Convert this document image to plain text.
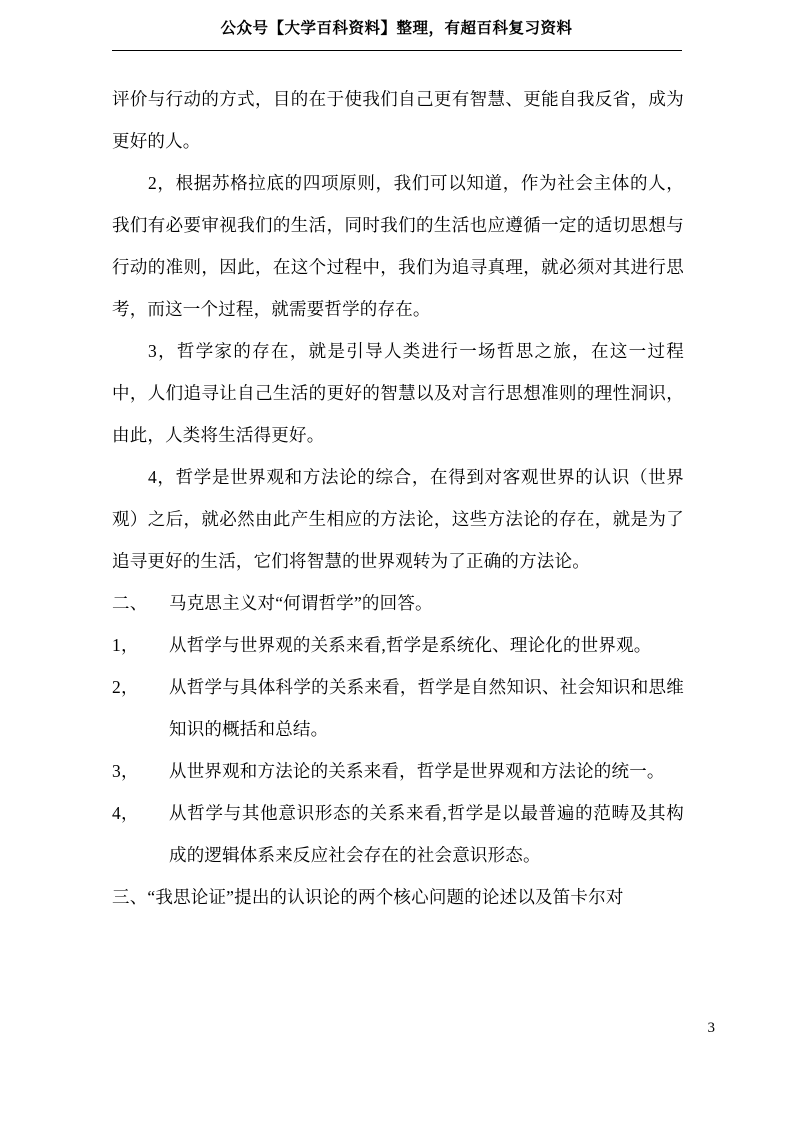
公众号【大学百科资料】整理，有超百科复习资料

评价与行动的方式，目的在于使我们自己更有智慧、更能自我反省，成为更好的人。

2，根据苏格拉底的四项原则，我们可以知道，作为社会主体的人，我们有必要审视我们的生活，同时我们的生活也应遵循一定的适切思想与行动的准则，因此，在这个过程中，我们为追寻真理，就必须对其进行思考，而这一个过程，就需要哲学的存在。

3，哲学家的存在，就是引导人类进行一场哲思之旅，在这一过程中，人们追寻让自己生活的更好的智慧以及对言行思想准则的理性洞识，由此，人类将生活得更好。

4，哲学是世界观和方法论的综合，在得到对客观世界的认识（世界观）之后，就必然由此产生相应的方法论，这些方法论的存在，就是为了追寻更好的生活，它们将智慧的世界观转为了正确的方法论。

二、	马克思主义对“何谓哲学”的回答。
1，	从哲学与世界观的关系来看,哲学是系统化、理论化的世界观。
2，	从哲学与具体科学的关系来看，哲学是自然知识、社会知识和思维知识的概括和总结。
3，	从世界观和方法论的关系来看，哲学是世界观和方法论的统一。
4，	从哲学与其他意识形态的关系来看,哲学是以最普遍的范畴及其构成的逻辑体系来反应社会存在的社会意识形态。

三、“我思论证”提出的认识论的两个核心问题的论述以及笛卡尔对

3
